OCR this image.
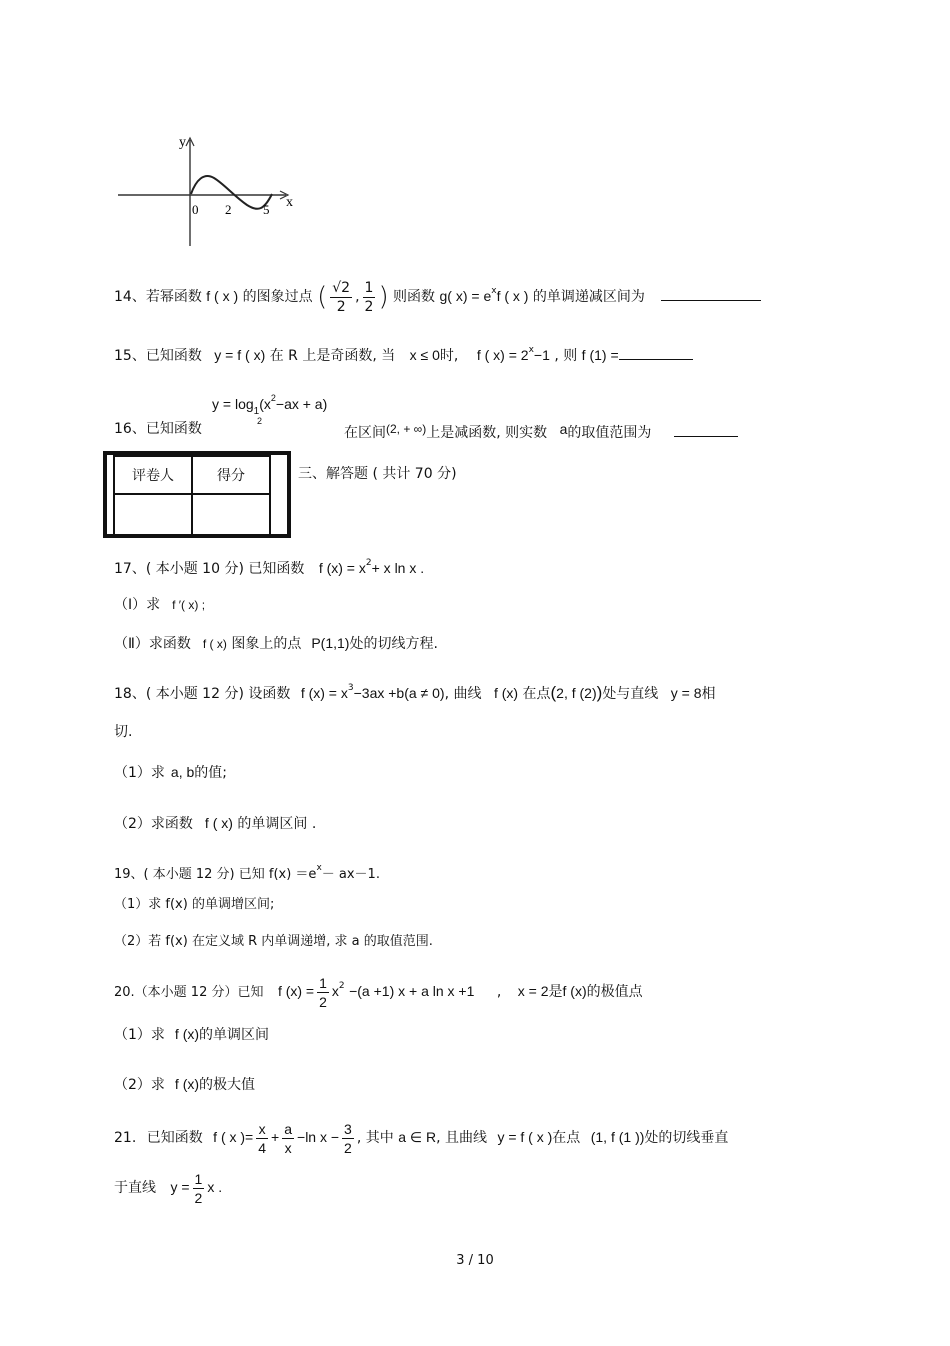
y
x
0 2 5
14、若幂函数 f ( x ) 的图象过点 ( $\frac{√2}{2}$ , $\frac{1}{2}$ ) 则函数 g( $x) = e^xf$ ( x ) 的单调递减区间为
15、已知函数 y = f ( x) 在 R 上是奇函数, 当 x ≤ 0时, f ( $x) = 2^x-1$ , 则 f (1) =
$y = \log_1(x^2-ax + a)$
2
16、已知函数	在区间(2, + ∞)上是减函数, 则实数 a的取值范围为
评卷人	得分
		三、解答题 ( 共计 70 分)
17、( 本小题 10 分) 已知函数 f $(x) = x^2+ x$ ln x .
（Ⅰ）求 f ′( x) ;
（Ⅱ）求函数 f ( x) 图象上的点 P(1,1)处的切线方程.
18、( 本小题 12 分) 设函数 f $(x) = x^3-3ax +b(a \ne 0)$, 曲线 f (x) 在点(2, f (2))处与直线 y = 8相
切.
（1）求 a, b的值;
（2）求函数 f ( x) 的单调区间 .
19、( 本小题 12 分) 已知 $f(x) =e^x- ax-1$.
（1）求 f(x) 的单调增区间;
（2）若 f(x) 在定义域 R 内单调递增, 求 a 的取值范围.
20.（本小题 12 分）已知 f $(x) = \frac{1}{2} x^2 -(a +1) x + a$ ln x +1 , x = 2是f (x)的极值点
（1）求 f (x)的单调区间
（2）求 f (x)的极大值
21. 已知函数 f ( x )= $\frac{x}{4} + \frac{a}{x} -\ln$ $x - \frac{3}{2}$ , 其中 a ∈ R, 且曲线 y = f ( x )在点 (1, f (1 ))处的切线垂直
于直线 $y = \frac{1}{2}$ x .
3 / 10
